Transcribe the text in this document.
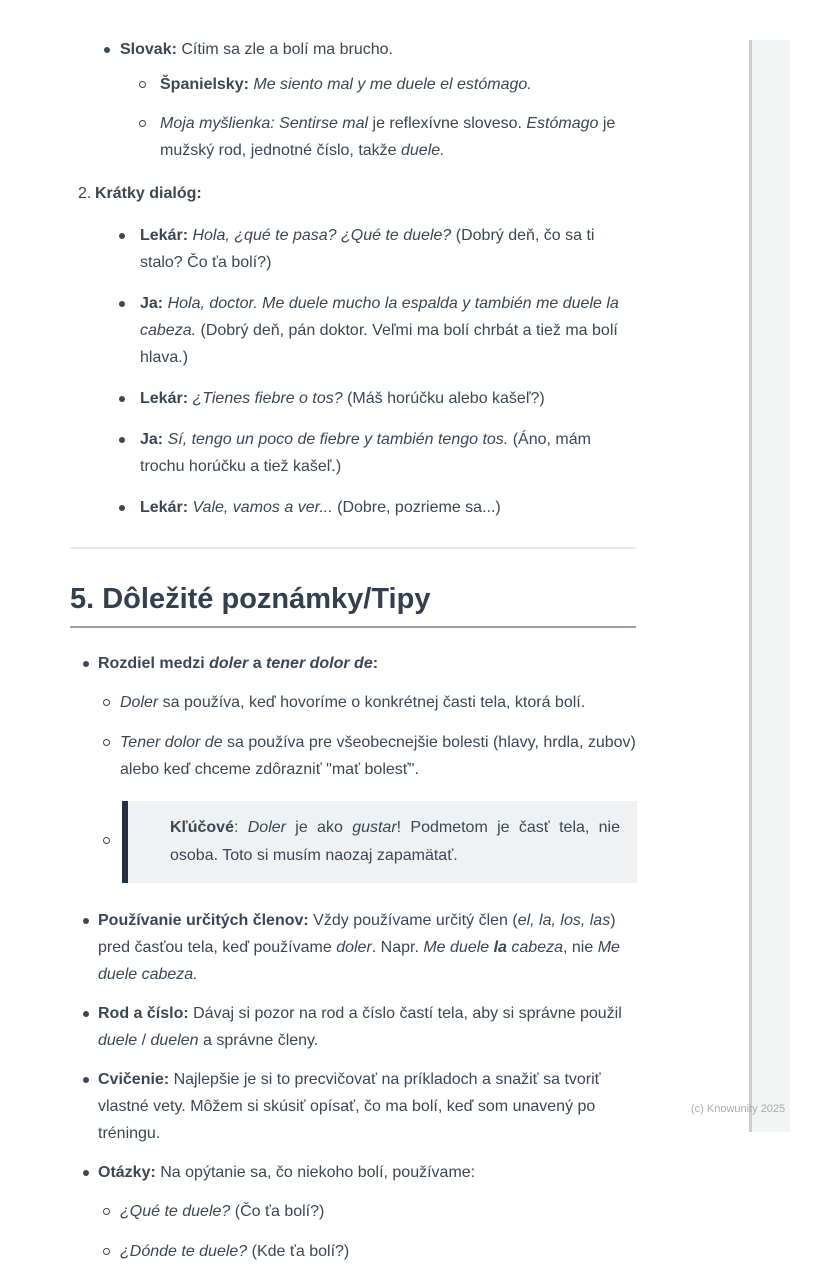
Slovak: Cítim sa zle a bolí ma brucho.
Španielsky: Me siento mal y me duele el estómago.
Moja myšlienka: Sentirse mal je reflexívne sloveso. Estómago je mužský rod, jednotné číslo, takže duele.
2. Krátky dialóg:
Lekár: Hola, ¿qué te pasa? ¿Qué te duele? (Dobrý deň, čo sa ti stalo? Čo ťa bolí?)
Ja: Hola, doctor. Me duele mucho la espalda y también me duele la cabeza. (Dobrý deň, pán doktor. Veľmi ma bolí chrbát a tiež ma bolí hlava.)
Lekár: ¿Tienes fiebre o tos? (Máš horúčku alebo kašeľ?)
Ja: Sí, tengo un poco de fiebre y también tengo tos. (Áno, mám trochu horúčku a tiež kašeľ.)
Lekár: Vale, vamos a ver... (Dobre, pozrieme sa...)
5. Dôležité poznámky/Tipy
Rozdiel medzi doler a tener dolor de:
Doler sa používa, keď hovoríme o konkrétnej časti tela, ktorá bolí.
Tener dolor de sa používa pre všeobecnejšie bolesti (hlavy, hrdla, zubov) alebo keď chceme zdôrazniť "mať bolesť".
Kľúčové: Doler je ako gustar! Podmetom je časť tela, nie osoba. Toto si musím naozaj zapamätať.
Používanie určitých členov: Vždy používame určitý člen (el, la, los, las) pred časťou tela, keď používame doler. Napr. Me duele la cabeza, nie Me duele cabeza.
Rod a číslo: Dávaj si pozor na rod a číslo častí tela, aby si správne použil duele / duelen a správne členy.
Cvičenie: Najlepšie je si to precvičovať na príkladoch a snažiť sa tvoriť vlastné vety. Môžem si skúsiť opísať, čo ma bolí, keď som unavený po tréningu.
Otázky: Na opýtanie sa, čo niekoho bolí, používame:
¿Qué te duele? (Čo ťa bolí?)
¿Dónde te duele? (Kde ťa bolí?)
(c) Knowunity 2025
